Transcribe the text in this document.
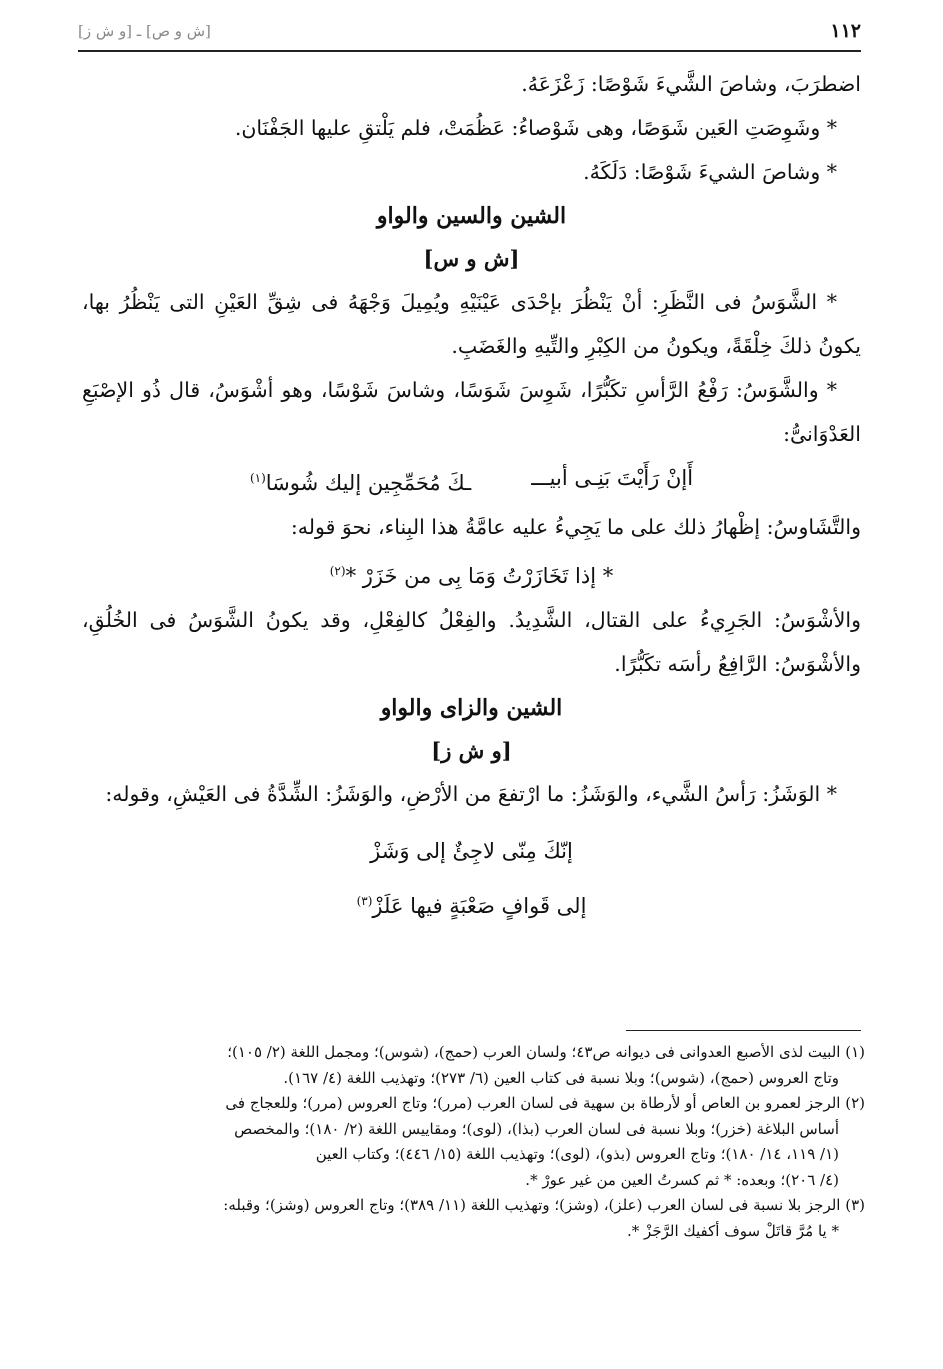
١١٢
[ش و ص] ـ [و ش ز]

اضطرَبَ، وشاصَ الشَّيءَ شَوْصًا: زَعْزَعَهُ.

* وشَوِصَتِ العَين شَوَصًا، وهى شَوْصاءُ: عَظُمَتْ، فلم يَلْتقِ عليها الجَفْنَان.

* وشاصَ الشيءَ شَوْصًا: دَلَكَهُ.

الشين والسين والواو

[ش و س]

* الشَّوَسُ فى النَّظَرِ: أنْ يَنْظُرَ بإحْدَى عَيْنَيْهِ ويُمِيلَ وَجْهَهُ فى شِقِّ العَيْنِ التى يَنْظُرُ بها، يكونُ ذلكَ خِلْقَةً، ويكونُ من الكِبْرِ والتِّيهِ والغَضَبِ.

* والشَّوَسُ: رَفْعُ الرَّأسِ تكَبُّرًا، شَوِسَ شَوَسًا، وشاسَ شَوْسًا، وهو أشْوَسُ، قال ذُو الإصْبَعِ العَدْوَانىُّ:

أَإنْ رَأَيْتَ بَنِـى أبيـــ
ـكَ مُحَمِّجِين إليك شُوسَا$^{(١)}$

والتَّشَاوسُ: إظْهارُ ذلك على ما يَجِيءُ عليه عامَّةُ هذا البِناء، نحوَ قوله:

* إذا تَخَازَرْتُ وَمَا بِى من خَزَرْ *$^{(٢)}$

والأشْوَسُ: الجَرِيءُ على القتال، الشَّدِيدُ. والفِعْلُ كالفِعْلِ، وقد يكونُ الشَّوَسُ فى الخُلُقِ، والأشْوَسُ: الرَّافِعُ رأسَه تكَبُّرًا.

الشين والزاى والواو

[و ش ز]

* الوَشَزُ: رَأسُ الشَّيء، والوَشَزُ: ما ارْتفعَ من الأرْضِ، والوَشَزُ: الشِّدَّةُ فى العَيْشِ، وقوله:

إنّكَ مِنّى لاجِئٌ إلى وَشَزْ

إلى قَوافٍ صَعْبَةٍ فيها عَلَزْ$^{(٣)}$

(١) البيت لذى الأصبع العدوانى فى ديوانه ص٤٣؛ ولسان العرب (حمج)، (شوس)؛ ومجمل اللغة (٢/ ١٠٥)؛

وتاج العروس (حمج)، (شوس)؛ وبلا نسبة فى كتاب العين (٦/ ٢٧٣)؛ وتهذيب اللغة (٤/ ١٦٧).

(٢) الرجز لعمرو بن العاص أو لأرطاة بن سهية فى لسان العرب (مرر)؛ وتاج العروس (مرر)؛ وللعجاج فى

أساس البلاغة (خزر)؛ وبلا نسبة فى لسان العرب (بذا)، (لوى)؛ ومقاييس اللغة (٢/ ١٨٠)؛ والمخصص

(١/ ١١٩، ١٤/ ١٨٠)؛ وتاج العروس (بذو)، (لوى)؛ وتهذيب اللغة (١٥/ ٤٤٦)؛ وكتاب العين

(٤/ ٢٠٦)؛ وبعده: * ثم كسرتُ العين من غير عورْ *.

(٣) الرجز بلا نسبة فى لسان العرب (علز)، (وشز)؛ وتهذيب اللغة (١١/ ٣٨٩)؛ وتاج العروس (وشز)؛ وقبله:

* يا مُرَّ قاتَلْ سوف أكفيك الرَّجَزْ *.
